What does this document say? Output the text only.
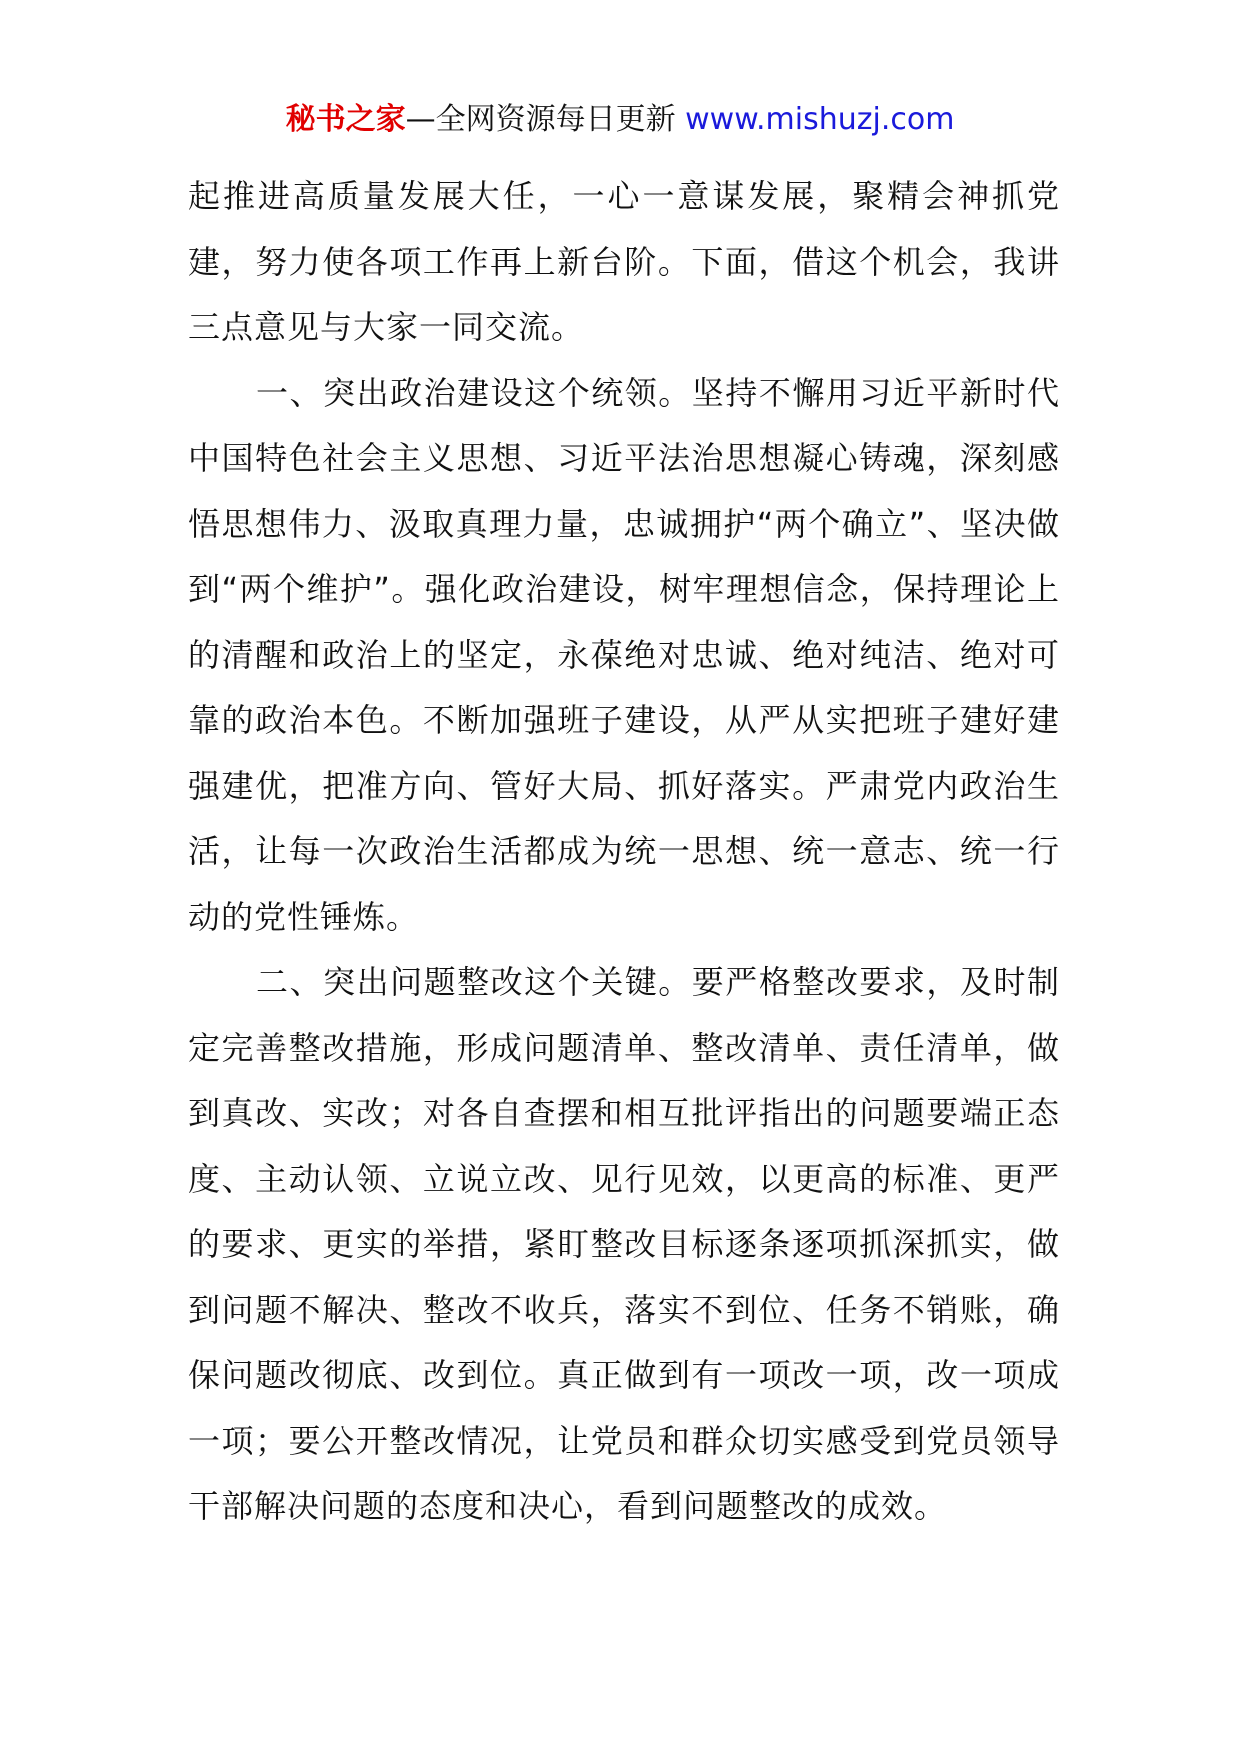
秘书之家—全网资源每日更新 www.mishuzj.com

起推进高质量发展大任，一心一意谋发展，聚精会神抓党建，努力使各项工作再上新台阶。下面，借这个机会，我讲三点意见与大家一同交流。

一、突出政治建设这个统领。坚持不懈用习近平新时代中国特色社会主义思想、习近平法治思想凝心铸魂，深刻感悟思想伟力、汲取真理力量，忠诚拥护“两个确立”、坚决做到“两个维护”。强化政治建设，树牢理想信念，保持理论上的清醒和政治上的坚定，永葆绝对忠诚、绝对纯洁、绝对可靠的政治本色。不断加强班子建设，从严从实把班子建好建强建优，把准方向、管好大局、抓好落实。严肃党内政治生活，让每一次政治生活都成为统一思想、统一意志、统一行动的党性锤炼。

二、突出问题整改这个关键。要严格整改要求，及时制定完善整改措施，形成问题清单、整改清单、责任清单，做到真改、实改；对各自查摆和相互批评指出的问题要端正态度、主动认领、立说立改、见行见效，以更高的标准、更严的要求、更实的举措，紧盯整改目标逐条逐项抓深抓实，做到问题不解决、整改不收兵，落实不到位、任务不销账，确保问题改彻底、改到位。真正做到有一项改一项，改一项成一项；要公开整改情况，让党员和群众切实感受到党员领导干部解决问题的态度和决心，看到问题整改的成效。
